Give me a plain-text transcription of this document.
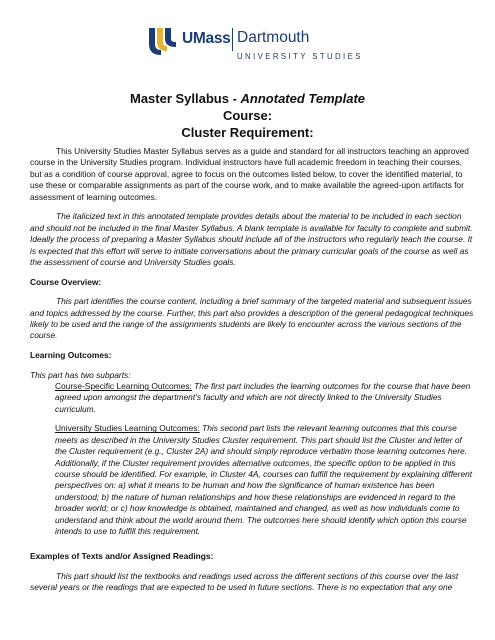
UMass Dartmouth
UNIVERSITY STUDIES
Master Syllabus - Annotated Template
Course:
Cluster Requirement:

This University Studies Master Syllabus serves as a guide and standard for all instructors teaching an approved course in the University Studies program. Individual instructors have full academic freedom in teaching their courses, but as a condition of course approval, agree to focus on the outcomes listed below, to cover the identified material, to use these or comparable assignments as part of the course work, and to make available the agreed-upon artifacts for assessment of learning outcomes.

The italicized text in this annotated template provides details about the material to be included in each section and should not be included in the final Master Syllabus. A blank template is available for faculty to complete and submit. Ideally the process of preparing a Master Syllabus should include all of the instructors who regularly teach the course. It is expected that this effort will serve to initiate conversations about the primary curricular goals of the course as well as the assessment of course and University Studies goals.

Course Overview:

This part identifies the course content, including a brief summary of the targeted material and subsequent issues and topics addressed by the course. Further, this part also provides a description of the general pedagogical techniques likely to be used and the range of the assignments students are likely to encounter across the various sections of the course.

Learning Outcomes:

This part has two subparts:

Course-Specific Learning Outcomes: The first part includes the learning outcomes for the course that have been agreed upon amongst the department’s faculty and which are not directly linked to the University Studies curriculum.

University Studies Learning Outcomes: This second part lists the relevant learning outcomes that this course meets as described in the University Studies Cluster requirement. This part should list the Cluster and letter of the Cluster requirement (e.g., Cluster 2A) and should simply reproduce verbatim those learning outcomes here. Additionally, if the Cluster requirement provides alternative outcomes, the specific option to be applied in this course should be identified. For example, in Cluster 4A, courses can fulfill the requirement by explaining different perspectives on: a) what it means to be human and how the significance of human existence has been understood; b) the nature of human relationships and how these relationships are evidenced in regard to the broader world; or c) how knowledge is obtained, maintained and changed, as well as how individuals come to understand and think about the world around them. The outcomes here should identify which option this course intends to use to fulfill this requirement.

Examples of Texts and/or Assigned Readings:

This part should list the textbooks and readings used across the different sections of this course over the last several years or the readings that are expected to be used in future sections. There is no expectation that any one
